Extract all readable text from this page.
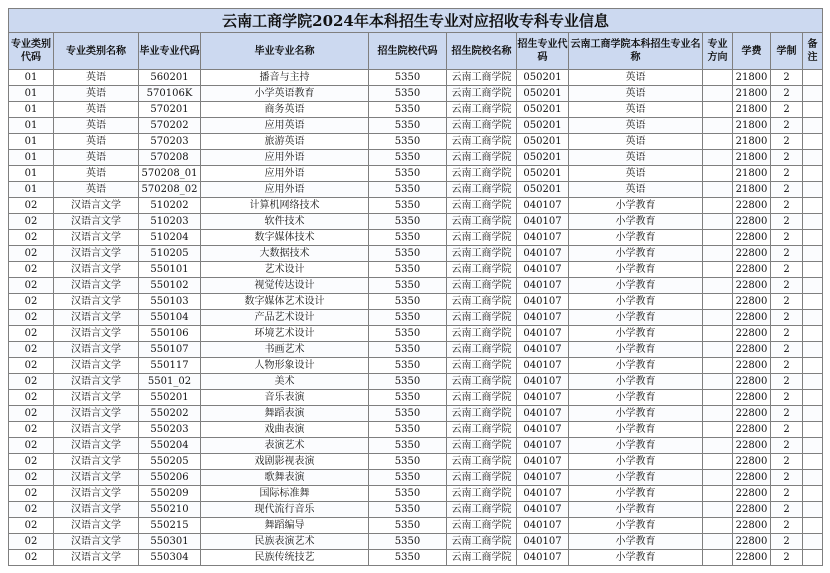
云南工商学院2024年本科招生专业对应招收专科专业信息											
专业类别代码	专业类别名称	毕业专业代码	毕业专业名称	招生院校代码	招生院校名称	招生专业代码	云南工商学院本科招生专业名称	专业方向	学费	学制	备注
01	英语	560201	播音与主持	5350	云南工商学院	050201	英语		21800	2	
01	英语	570106K	小学英语教育	5350	云南工商学院	050201	英语		21800	2	
01	英语	570201	商务英语	5350	云南工商学院	050201	英语		21800	2	
01	英语	570202	应用英语	5350	云南工商学院	050201	英语		21800	2	
01	英语	570203	旅游英语	5350	云南工商学院	050201	英语		21800	2	
01	英语	570208	应用外语	5350	云南工商学院	050201	英语		21800	2	
01	英语	570208_01	应用外语	5350	云南工商学院	050201	英语		21800	2	
01	英语	570208_02	应用外语	5350	云南工商学院	050201	英语		21800	2	
02	汉语言文学	510202	计算机网络技术	5350	云南工商学院	040107	小学教育		22800	2	
02	汉语言文学	510203	软件技术	5350	云南工商学院	040107	小学教育		22800	2	
02	汉语言文学	510204	数字媒体技术	5350	云南工商学院	040107	小学教育		22800	2	
02	汉语言文学	510205	大数据技术	5350	云南工商学院	040107	小学教育		22800	2	
02	汉语言文学	550101	艺术设计	5350	云南工商学院	040107	小学教育		22800	2	
02	汉语言文学	550102	视觉传达设计	5350	云南工商学院	040107	小学教育		22800	2	
02	汉语言文学	550103	数字媒体艺术设计	5350	云南工商学院	040107	小学教育		22800	2	
02	汉语言文学	550104	产品艺术设计	5350	云南工商学院	040107	小学教育		22800	2	
02	汉语言文学	550106	环境艺术设计	5350	云南工商学院	040107	小学教育		22800	2	
02	汉语言文学	550107	书画艺术	5350	云南工商学院	040107	小学教育		22800	2	
02	汉语言文学	550117	人物形象设计	5350	云南工商学院	040107	小学教育		22800	2	
02	汉语言文学	5501_02	美术	5350	云南工商学院	040107	小学教育		22800	2	
02	汉语言文学	550201	音乐表演	5350	云南工商学院	040107	小学教育		22800	2	
02	汉语言文学	550202	舞蹈表演	5350	云南工商学院	040107	小学教育		22800	2	
02	汉语言文学	550203	戏曲表演	5350	云南工商学院	040107	小学教育		22800	2	
02	汉语言文学	550204	表演艺术	5350	云南工商学院	040107	小学教育		22800	2	
02	汉语言文学	550205	戏剧影视表演	5350	云南工商学院	040107	小学教育		22800	2	
02	汉语言文学	550206	歌舞表演	5350	云南工商学院	040107	小学教育		22800	2	
02	汉语言文学	550209	国际标准舞	5350	云南工商学院	040107	小学教育		22800	2	
02	汉语言文学	550210	现代流行音乐	5350	云南工商学院	040107	小学教育		22800	2	
02	汉语言文学	550215	舞蹈编导	5350	云南工商学院	040107	小学教育		22800	2	
02	汉语言文学	550301	民族表演艺术	5350	云南工商学院	040107	小学教育		22800	2	
02	汉语言文学	550304	民族传统技艺	5350	云南工商学院	040107	小学教育		22800	2	
